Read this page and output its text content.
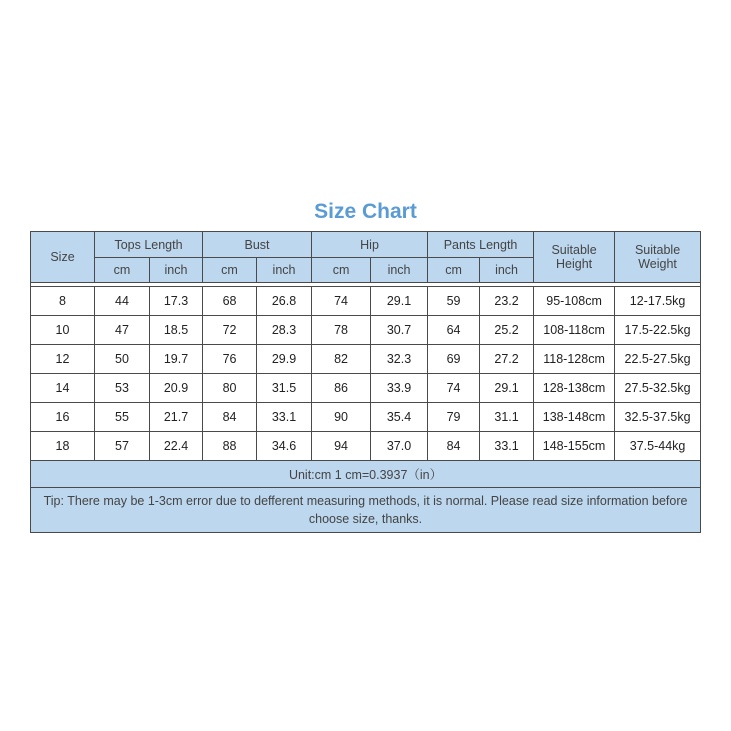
Size Chart
Size	Tops Length		Bust		Hip		Pants Length		Suitable Height	Suitable Weight
	cm	inch	cm	inch	cm	inch	cm	inch		

8	44	17.3	68	26.8	74	29.1	59	23.2	95-108cm	12-17.5kg
10	47	18.5	72	28.3	78	30.7	64	25.2	108-118cm	17.5-22.5kg
12	50	19.7	76	29.9	82	32.3	69	27.2	118-128cm	22.5-27.5kg
14	53	20.9	80	31.5	86	33.9	74	29.1	128-138cm	27.5-32.5kg
16	55	21.7	84	33.1	90	35.4	79	31.1	138-148cm	32.5-37.5kg
18	57	22.4	88	34.6	94	37.0	84	33.1	148-155cm	37.5-44kg
Unit:cm 1 cm=0.3937（in）										
Tip: There may be 1-3cm error due to defferent measuring methods, it is normal. Please read size information before choose size, thanks.										
